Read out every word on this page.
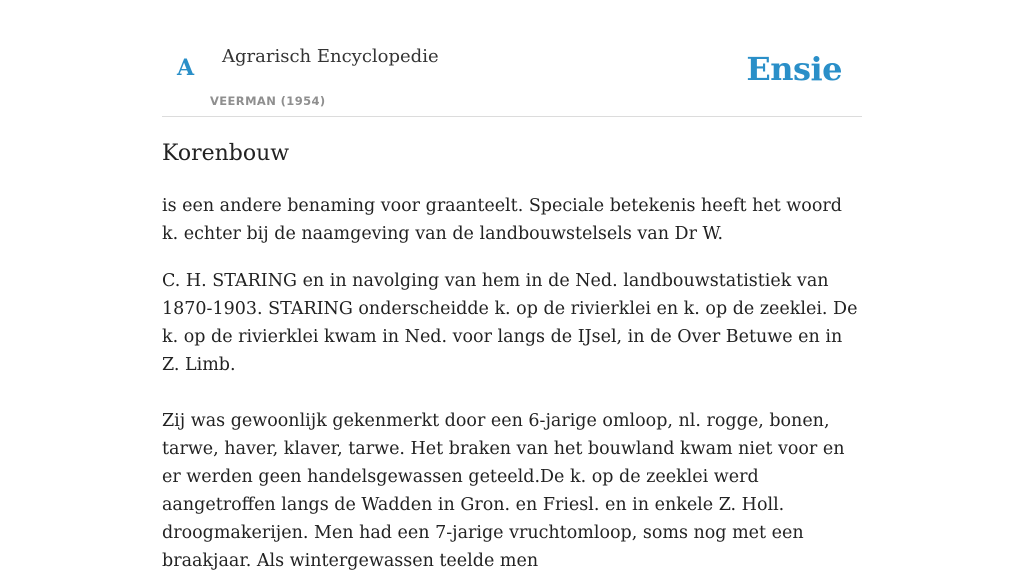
A Agrarisch Encyclopedie
VEERMAN (1954)
Ensie
Korenbouw

is een andere benaming voor graanteelt. Speciale betekenis heeft het woord k. echter bij de naamgeving van de landbouwstelsels van Dr W.

C. H. STARING en in navolging van hem in de Ned. landbouwstatistiek van 1870-1903. STARING onderscheidde k. op de rivierklei en k. op de zeeklei. De k. op de rivierklei kwam in Ned. voor langs de IJsel, in de Over Betuwe en in Z. Limb.

Zij was gewoonlijk gekenmerkt door een 6-jarige omloop, nl. rogge, bonen, tarwe, haver, klaver, tarwe. Het braken van het bouwland kwam niet voor en er werden geen handelsgewassen geteeld.De k. op de zeeklei werd aangetroffen langs de Wadden in Gron. en Friesl. en in enkele Z. Holl. droogmakerijen. Men had een 7-jarige vruchtomloop, soms nog met een braakjaar. Als wintergewassen teelde men
